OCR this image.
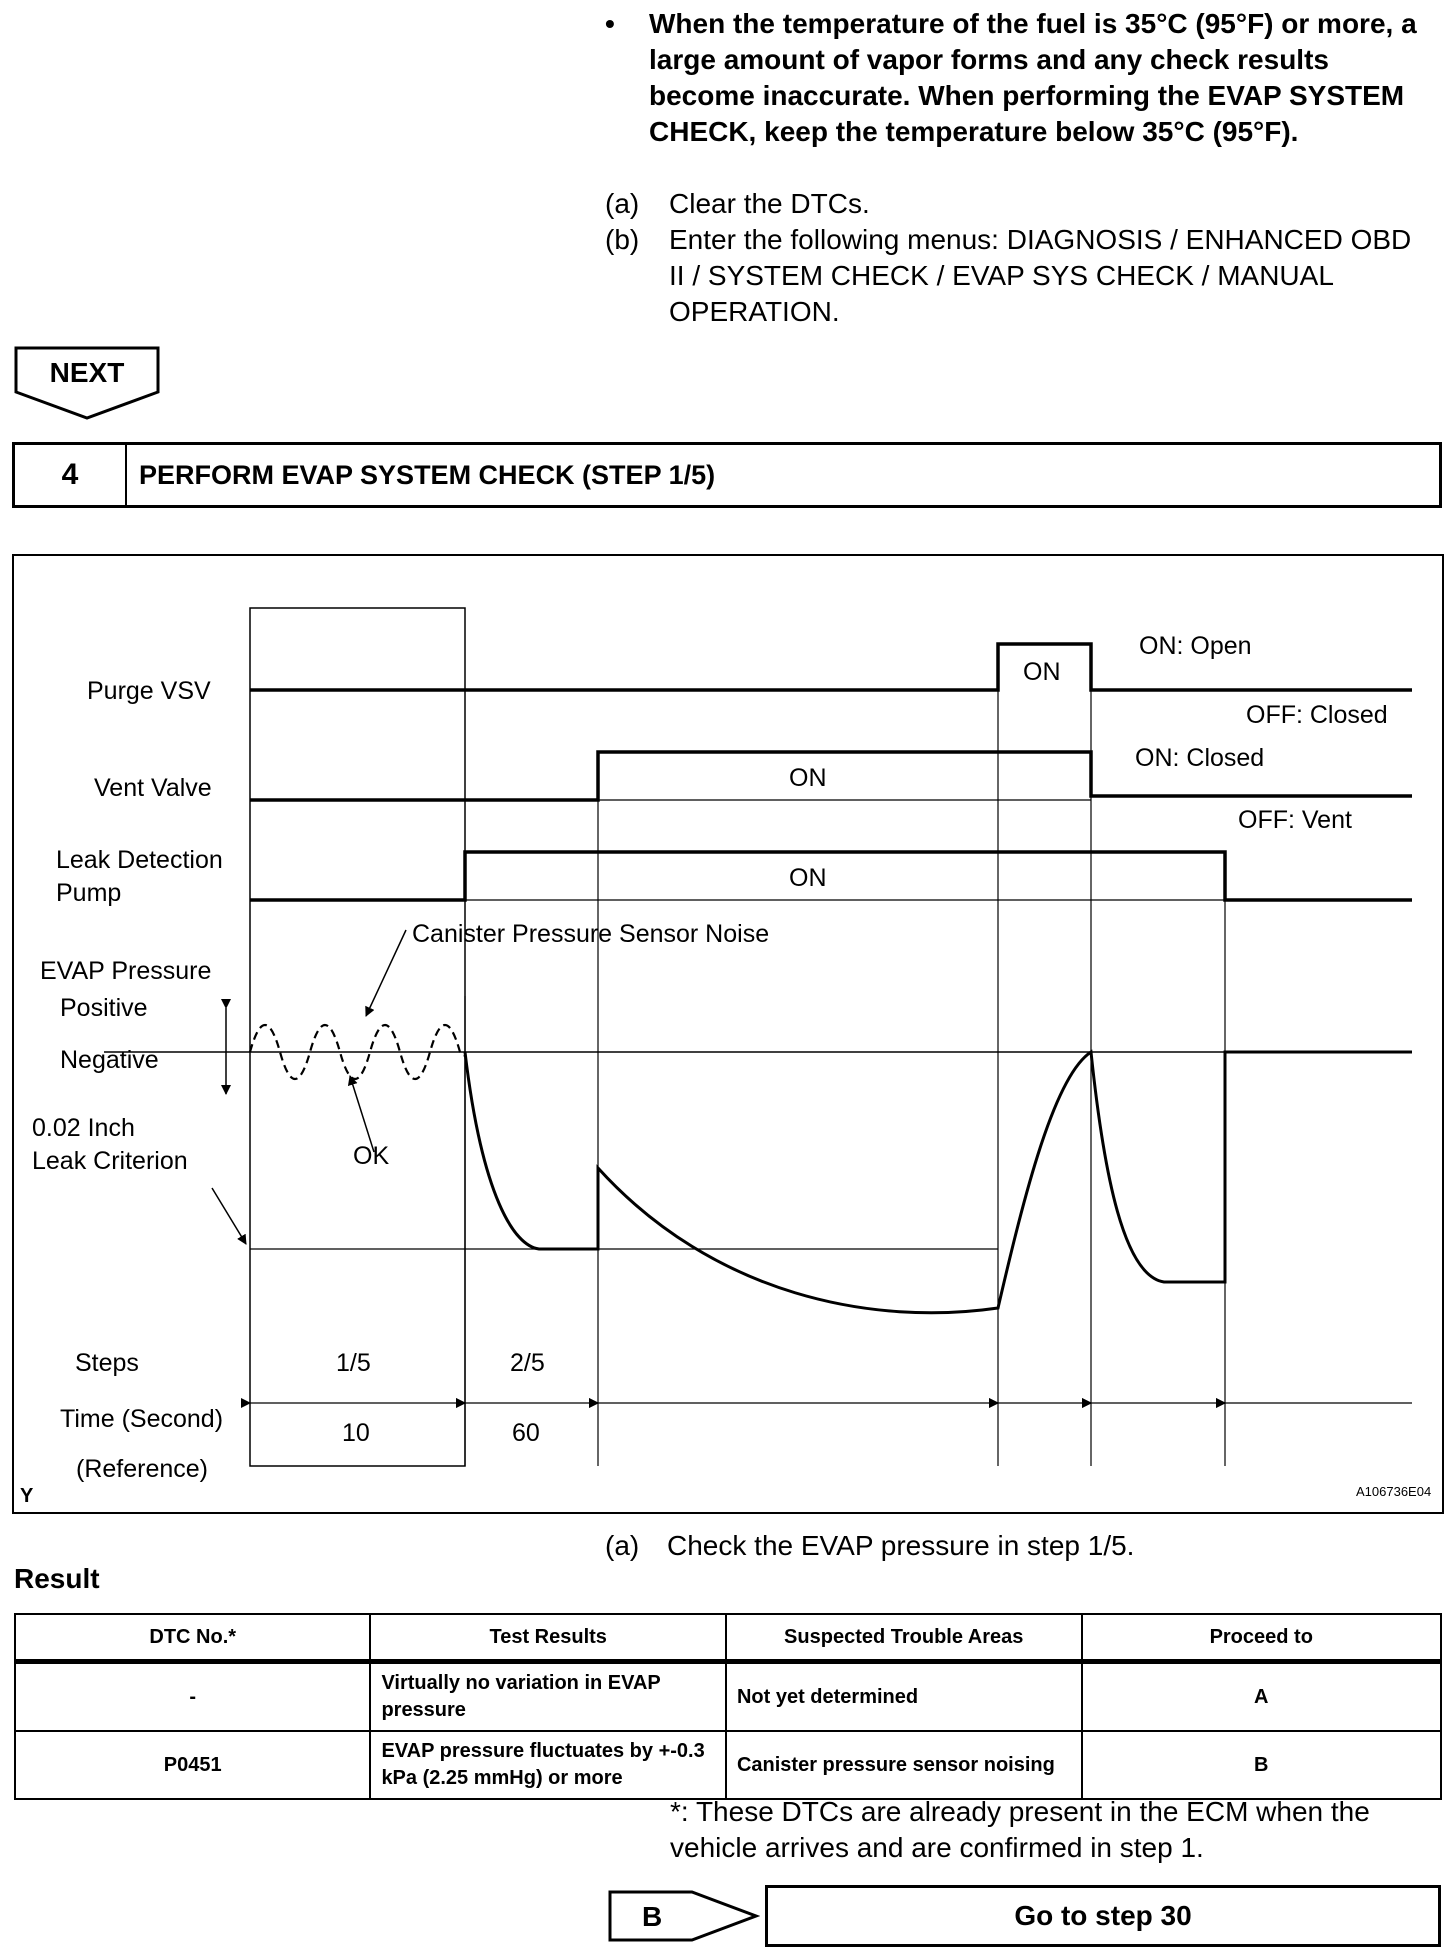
• When the temperature of the fuel is 35°C (95°F) or more, a large amount of vapor forms and any check results become inaccurate. When performing the EVAP SYSTEM CHECK, keep the temperature below 35°C (95°F).
(a) Clear the DTCs.
(b) Enter the following menus: DIAGNOSIS / ENHANCED OBD II / SYSTEM CHECK / EVAP SYS CHECK / MANUAL OPERATION.
NEXT
4	PERFORM EVAP SYSTEM CHECK (STEP 1/5)
Purge VSV
Vent Valve
Leak Detection
Pump
EVAP Pressure
Positive
Negative
0.02 Inch
Leak Criterion
Canister Pressure Sensor Noise
OK
ON
ON
ON
ON: Open
OFF: Closed
ON: Closed
OFF: Vent
Steps	1/5	2/5
Time (Second)
(Reference)
10	60
Y	A106736E04
(a) Check the EVAP pressure in step 1/5.
Result
DTC No.*	Test Results	Suspected Trouble Areas	Proceed to
-	Virtually no variation in EVAP pressure	Not yet determined	A
P0451	EVAP pressure fluctuates by +-0.3 kPa (2.25 mmHg) or more	Canister pressure sensor noising	B
*: These DTCs are already present in the ECM when the vehicle arrives and are confirmed in step 1.
B	Go to step 30
